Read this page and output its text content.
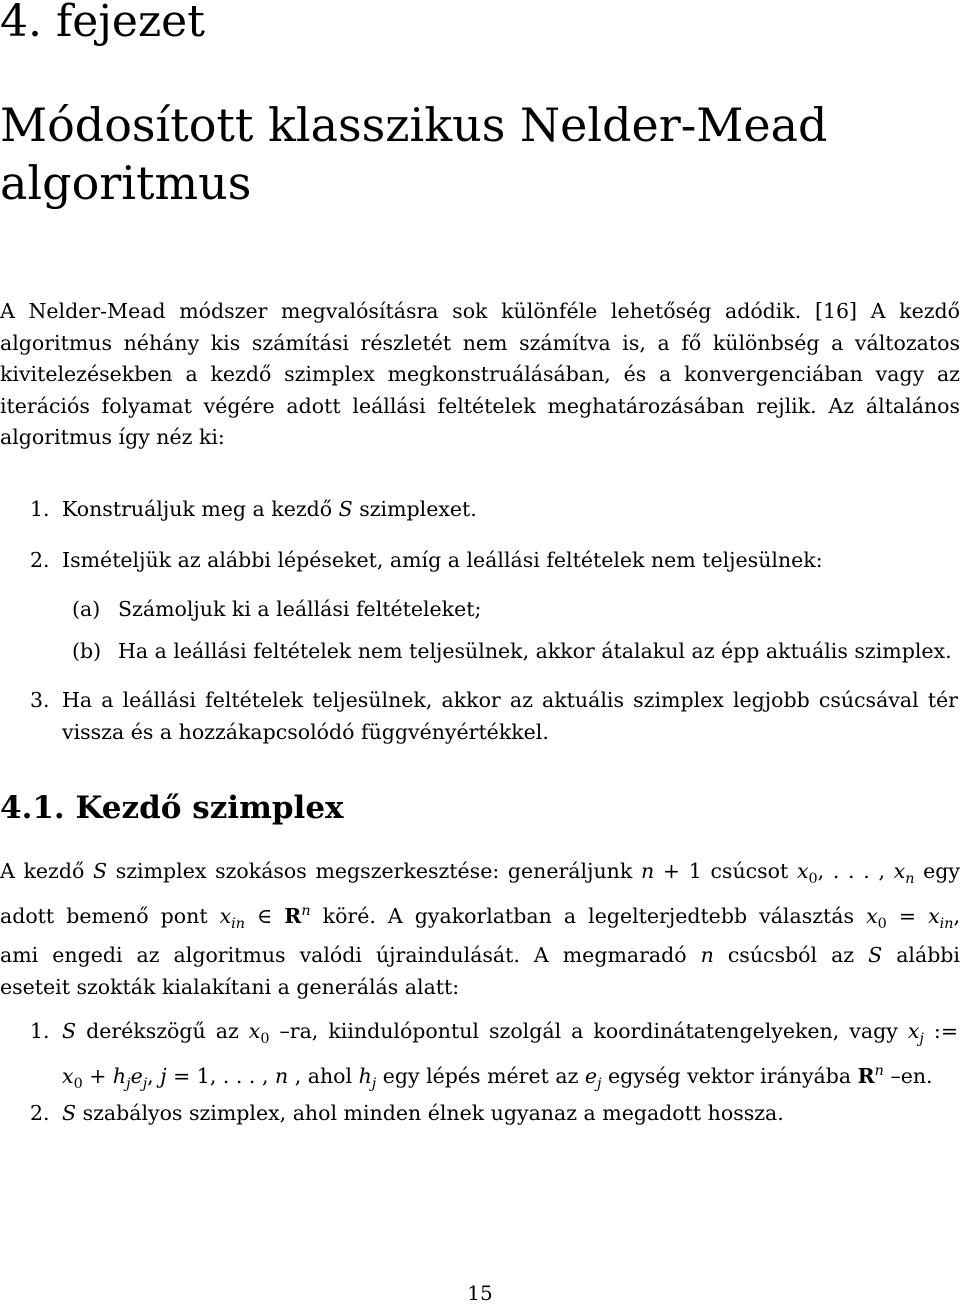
4. fejezet
Módosított klasszikus Nelder-Mead
algoritmus
A Nelder-Mead módszer megvalósításra sok különféle lehetőség adódik. [16] A kezdő
algoritmus néhány kis számítási részletét nem számítva is, a fő különbség a változatos
kivitelezésekben a kezdő szimplex megkonstruálásában, és a konvergenciában vagy az
iterációs folyamat végére adott leállási feltételek meghatározásában rejlik. Az általános
algoritmus így néz ki:
1. Konstruáljuk meg a kezdő S szimplexet.
2. Ismételjük az alábbi lépéseket, amíg a leállási feltételek nem teljesülnek:
(a) Számoljuk ki a leállási feltételeket;
(b) Ha a leállási feltételek nem teljesülnek, akkor átalakul az épp aktuális szimplex.
3. Ha a leállási feltételek teljesülnek, akkor az aktuális szimplex legjobb csúcsával tér
vissza és a hozzákapcsolódó függvényértékkel.
4.1. Kezdő szimplex
A kezdő S szimplex szokásos megszerkesztése: generáljunk n + 1 csúcsot $x_0$, . . . , $x_n$ egy
adott bemenő pont $x_{in}$ ∈ $R^n$ köré. A gyakorlatban a legelterjedtebb választás $x_0 = x_{in}$,
ami engedi az algoritmus valódi újraindulását. A megmaradó n csúcsból az S alábbi
eseteit szokták kialakítani a generálás alatt:
1. S derékszögű az $x_0$ –ra, kiindulópontul szolgál a koordinátatengelyeken, vagy $x_j$ :=
$x_0 + h_je_j$, j = 1, . . . , n , ahol $h_j$ egy lépés méret az $e_j$ egység vektor irányába $R^n$ –en.
2. S szabályos szimplex, ahol minden élnek ugyanaz a megadott hossza.
15
